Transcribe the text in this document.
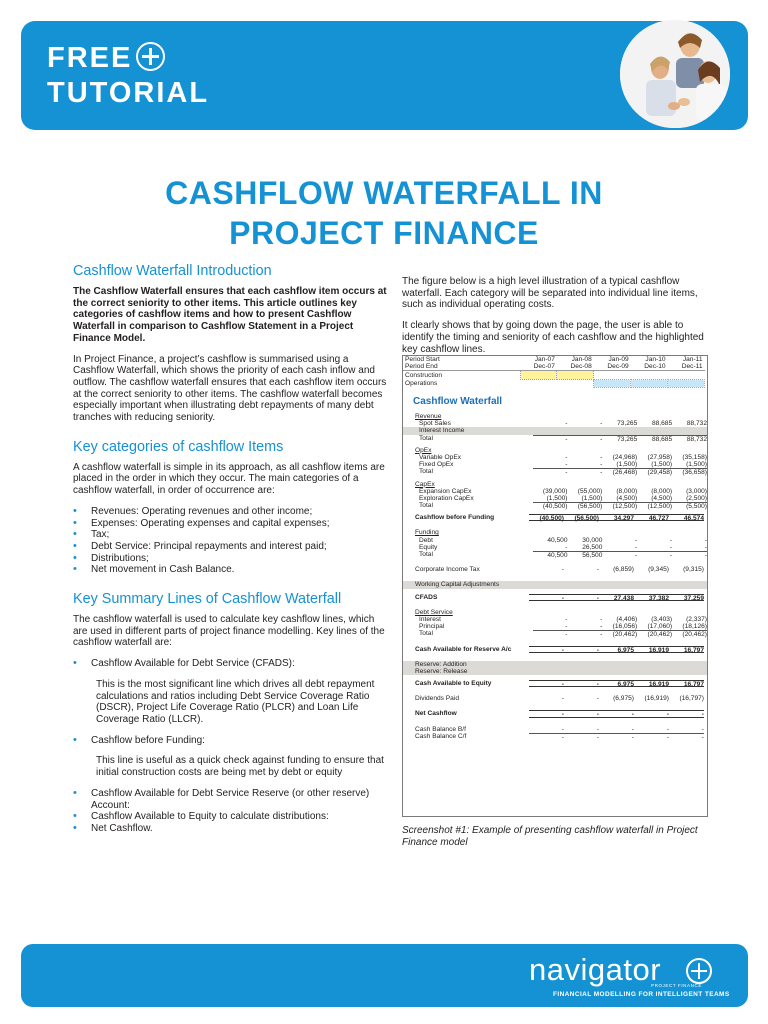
FREE
TUTORIAL
CASHFLOW WATERFALL IN
PROJECT FINANCE
Cashflow Waterfall Introduction

The Cashflow Waterfall ensures that each cashflow item occurs at the correct seniority to other items. This article outlines key categories of cashflow items and how to present Cashflow Waterfall in comparison to Cashflow Statement in a Project Finance Model.

In Project Finance, a project’s cashflow is summarised using a Cashflow Waterfall, which shows the priority of each cash inflow and outflow. The cashflow waterfall ensures that each cashflow item occurs at the correct seniority to other items. The cashflow waterfall becomes especially important when illustrating debt repayments of many debt tranches with reducing seniority.

Key categories of cashflow Items

A cashflow waterfall is simple in its approach, as all cashflow items are placed in the order in which they occur. The main categories of a cashflow waterfall, in order of occurrence are:

• Revenues: Operating revenues and other income;
• Expenses: Operating expenses and capital expenses;
• Tax;
• Debt Service: Principal repayments and interest paid;
• Distributions;
• Net movement in Cash Balance.
Key Summary Lines of Cashflow Waterfall

The cashflow waterfall is used to calculate key cashflow lines, which are used in different parts of project finance modelling. Key lines of the cashflow waterfall are:

• Cashflow Available for Debt Service (CFADS):

This is the most significant line which drives all debt repayment calculations and ratios including Debt Service Coverage Ratio (DSCR), Project Life Coverage Ratio (PLCR) and Loan Life Coverage Ratio (LLCR).

• Cashflow before Funding:

This line is useful as a quick check against funding to ensure that initial construction costs are being met by debt or equity

• Cashflow Available for Debt Service Reserve (or other reserve) Account:
• Cashflow Available to Equity to calculate distributions:
• Net Cashflow.

The figure below is a high level illustration of a typical cashflow waterfall. Each category will be separated into individual line items, such as individual operating costs.

It clearly shows that by going down the page, the user is able to identify the timing and seniority of each cashflow and the highlighted key cashflow lines.

Period Start	Jan-07	Jan-08	Jan-09	Jan-10	Jan-11
Period End	Dec-07	Dec-08	Dec-09	Dec-10	Dec-11
Construction					
Operations					
Cashflow Waterfall
Revenue
Spot Sales	-	-	73,265	88,685	88,732
Interest Income
Total	-	-	73,265	88,685	88,732
OpEx
Variable OpEx	-	-	(24,968)	(27,958)	(35,158)
Fixed OpEx	-	-	(1,500)	(1,500)	(1,500)
Total	-	-	(26,468)	(29,458)	(36,658)
CapEx
Expansion CapEx	(39,000)	(55,000)	(8,000)	(8,000)	(3,000)
Exploration CapEx	(1,500)	(1,500)	(4,500)	(4,500)	(2,500)
Total	(40,500)	(56,500)	(12,500)	(12,500)	(5,500)
Cashflow before Funding	(40,500)	(56,500)	34,297	46,727	46,574
Funding
Debt	40,500	30,000	-	-	-
Equity	-	26,500	-	-	-
Total	40,500	56,500	-	-	-
Corporate Income Tax	-	-	(6,859)	(9,345)	(9,315)
Working Capital Adjustments
CFADS	-	-	27,438	37,382	37,259
Debt Service
Interest	-	-	(4,406)	(3,403)	(2,337)
Principal	-	-	(16,056)	(17,060)	(18,126)
Total	-	-	(20,462)	(20,462)	(20,462)
Cash Available for Reserve A/c	-	-	6,975	16,919	16,797
Reserve: Addition
Reserve: Release
Cash Available to Equity	-	-	6,975	16,919	16,797
Dividends Paid	-	-	(6,975)	(16,919)	(16,797)
Net Cashflow	-	-	-	-	-
Cash Balance B/f	-	-	-	-	-
Cash Balance C/f	-	-	-	-	-
Screenshot #1: Example of presenting cashflow waterfall in Project Finance model
navigator
PROJECT FINANCE
FINANCIAL MODELLING FOR INTELLIGENT TEAMS
